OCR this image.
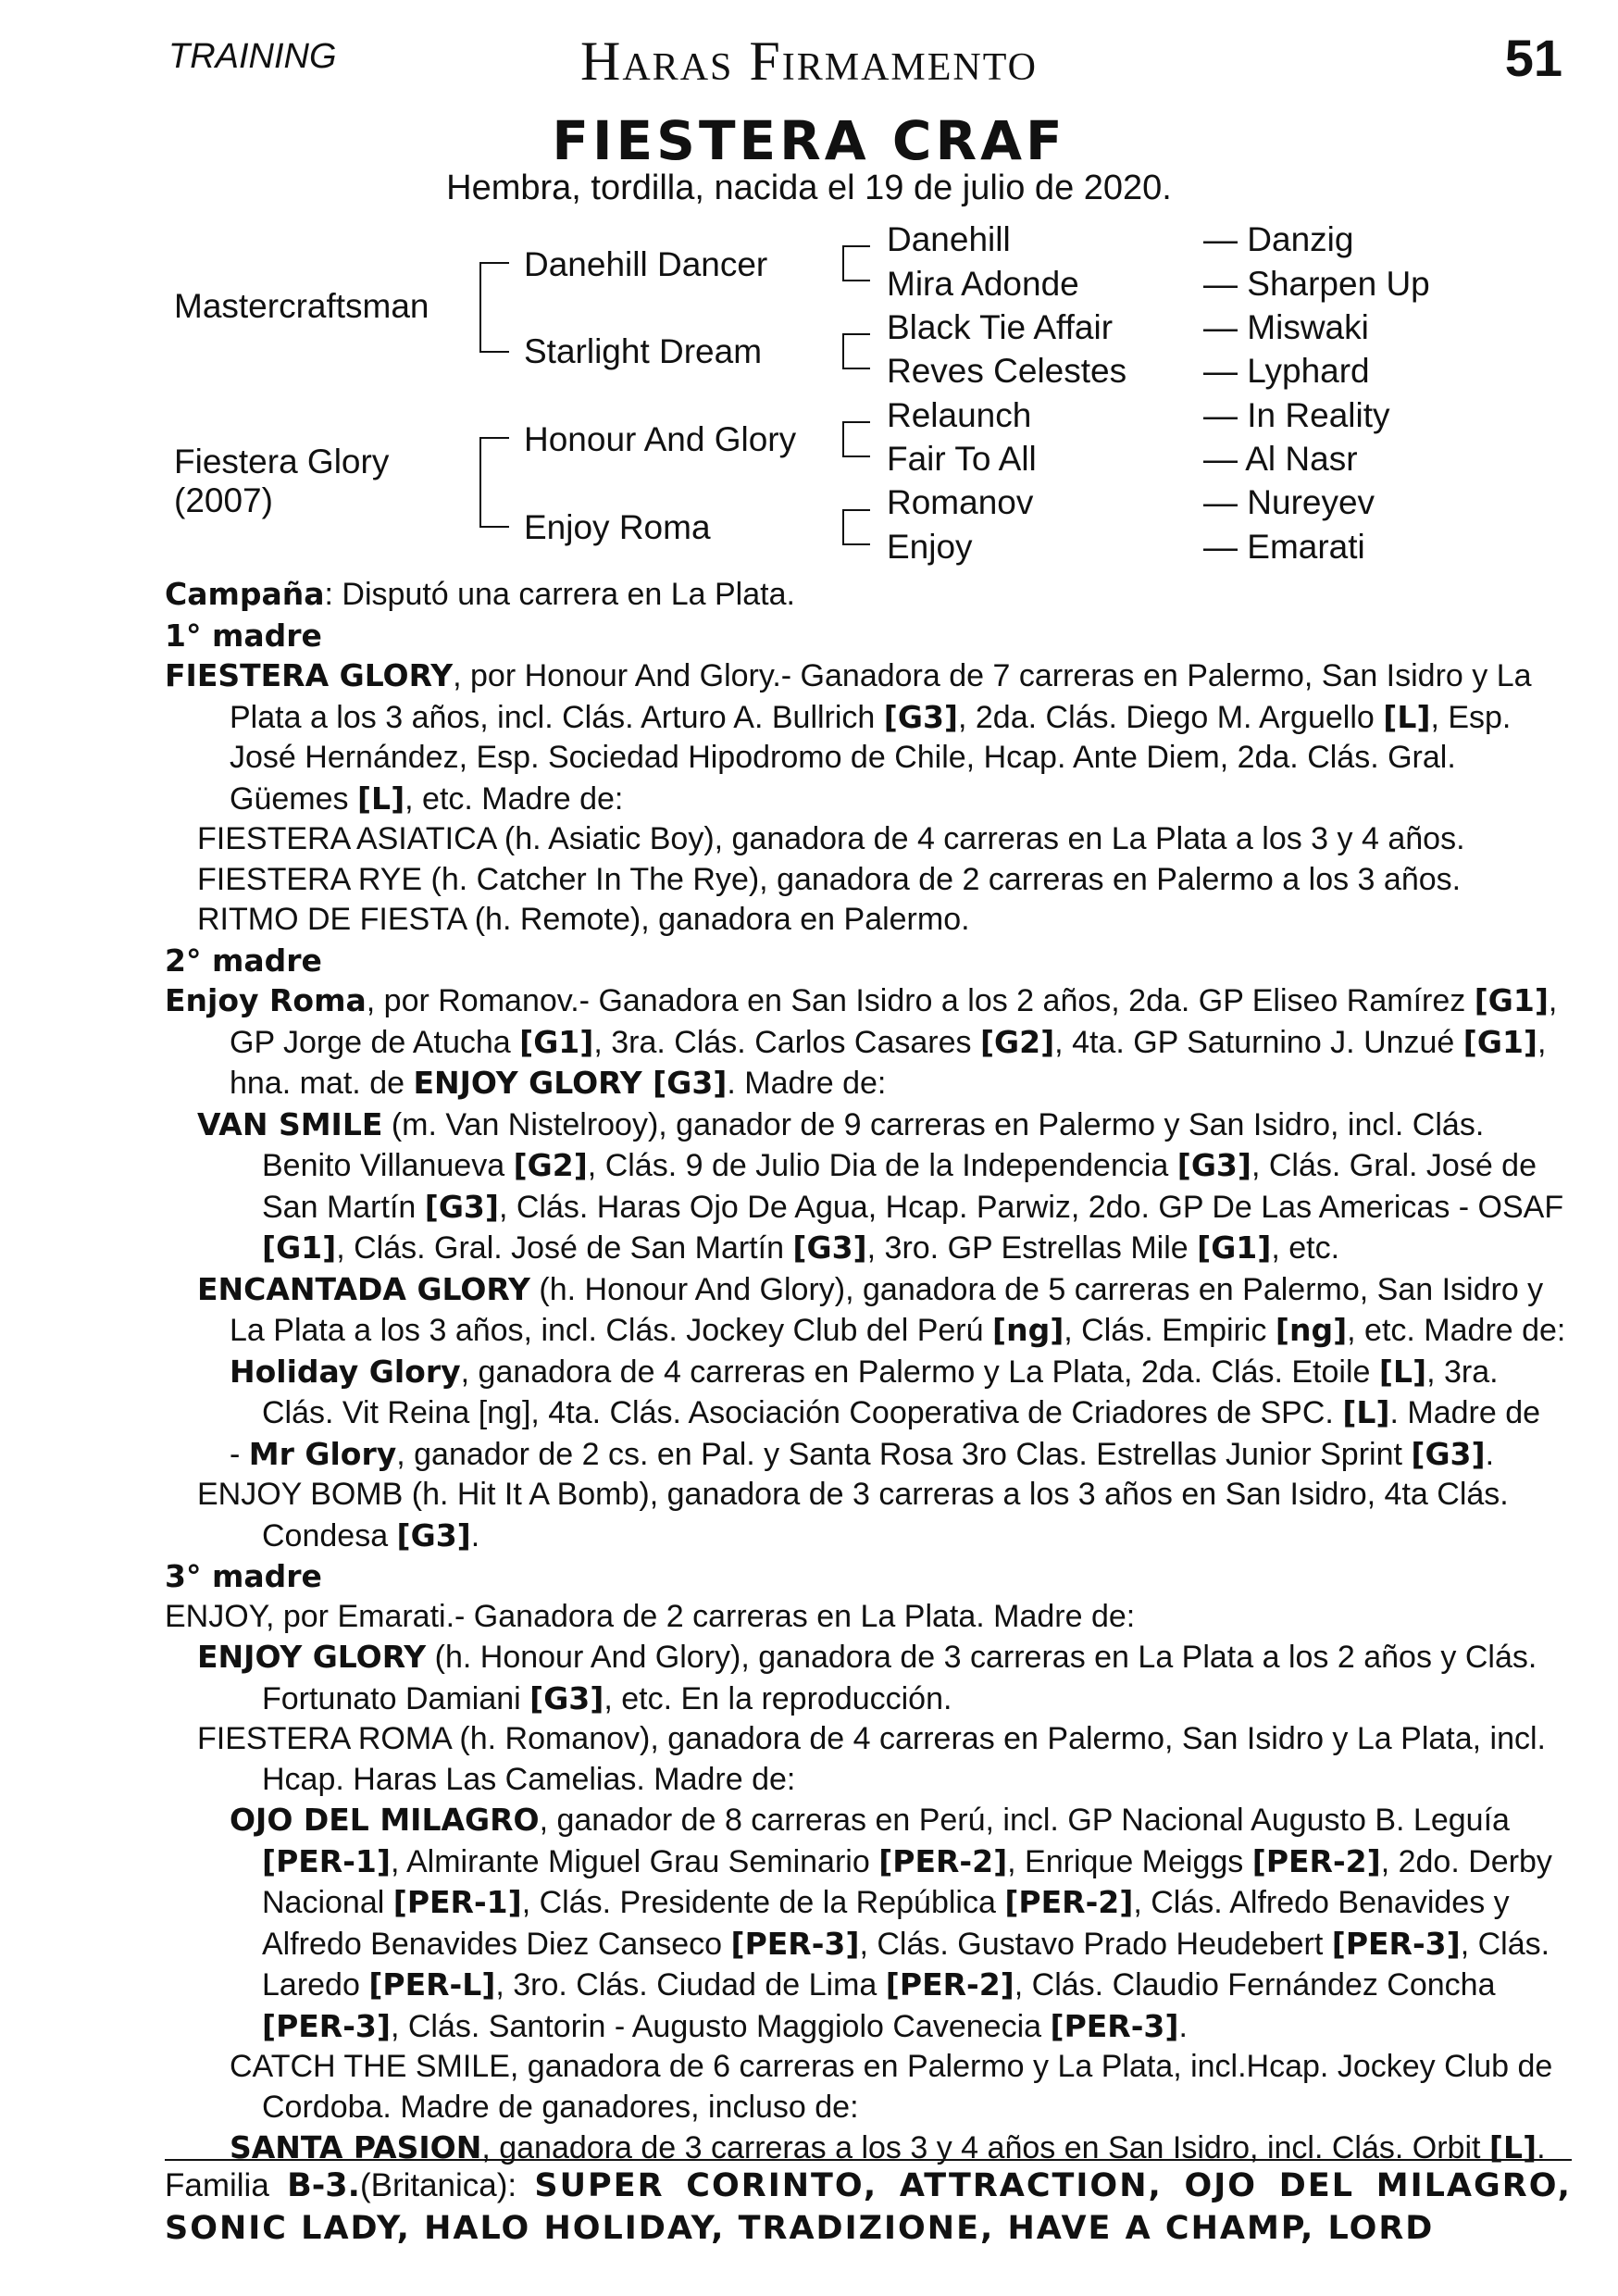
TRAINING	Haras Firmamento	51
FIESTERA CRAF
Hembra, tordilla, nacida el 19 de julio de 2020.
Mastercraftsman
Fiestera Glory
(2007)
Danehill Dancer
Starlight Dream
Honour And Glory
Enjoy Roma
Danehill
Mira Adonde
Black Tie Affair
Reves Celestes
Relaunch
Fair To All
Romanov
Enjoy
— Danzig
— Sharpen Up
— Miswaki
— Lyphard
— In Reality
— Al Nasr
— Nureyev
— Emarati

Campaña: Disputó una carrera en La Plata.

1° madre

FIESTERA GLORY, por Honour And Glory.- Ganadora de 7 carreras en Palermo, San Isidro y La Plata a los 3 años, incl. Clás. Arturo A. Bullrich [G3], 2da. Clás. Diego M. Arguello [L], Esp. José Hernández, Esp. Sociedad Hipodromo de Chile, Hcap. Ante Diem, 2da. Clás. Gral. Güemes [L], etc. Madre de:

FIESTERA ASIATICA (h. Asiatic Boy), ganadora de 4 carreras en La Plata a los 3 y 4 años.

FIESTERA RYE (h. Catcher In The Rye), ganadora de 2 carreras en Palermo a los 3 años.

RITMO DE FIESTA (h. Remote), ganadora en Palermo.

2° madre

Enjoy Roma, por Romanov.- Ganadora en San Isidro a los 2 años, 2da. GP Eliseo Ramírez [G1], GP Jorge de Atucha [G1], 3ra. Clás. Carlos Casares [G2], 4ta. GP Saturnino J. Unzué [G1], hna. mat. de ENJOY GLORY [G3]. Madre de:

VAN SMILE (m. Van Nistelrooy), ganador de 9 carreras en Palermo y San Isidro, incl. Clás. Benito Villanueva [G2], Clás. 9 de Julio Dia de la Independencia [G3], Clás. Gral. José de San Martín [G3], Clás. Haras Ojo De Agua, Hcap. Parwiz, 2do. GP De Las Americas - OSAF [G1], Clás. Gral. José de San Martín [G3], 3ro. GP Estrellas Mile [G1], etc.

ENCANTADA GLORY (h. Honour And Glory), ganadora de 5 carreras en Palermo, San Isidro y La Plata a los 3 años, incl. Clás. Jockey Club del Perú [ng], Clás. Empiric [ng], etc. Madre de:

Holiday Glory, ganadora de 4 carreras en Palermo y La Plata, 2da. Clás. Etoile [L], 3ra. Clás. Vit Reina [ng], 4ta. Clás. Asociación Cooperativa de Criadores de SPC. [L]. Madre de

- Mr Glory, ganador de 2 cs. en Pal. y Santa Rosa 3ro Clas. Estrellas Junior Sprint [G3].

ENJOY BOMB (h. Hit It A Bomb), ganadora de 3 carreras a los 3 años en San Isidro, 4ta Clás. Condesa [G3].

3° madre

ENJOY, por Emarati.- Ganadora de 2 carreras en La Plata. Madre de:

ENJOY GLORY (h. Honour And Glory), ganadora de 3 carreras en La Plata a los 2 años y Clás. Fortunato Damiani [G3], etc. En la reproducción.

FIESTERA ROMA (h. Romanov), ganadora de 4 carreras en Palermo, San Isidro y La Plata, incl. Hcap. Haras Las Camelias. Madre de:

OJO DEL MILAGRO, ganador de 8 carreras en Perú, incl. GP Nacional Augusto B. Leguía [PER-1], Almirante Miguel Grau Seminario [PER-2], Enrique Meiggs [PER-2], 2do. Derby Nacional [PER-1], Clás. Presidente de la República [PER-2], Clás. Alfredo Benavides y Alfredo Benavides Diez Canseco [PER-3], Clás. Gustavo Prado Heudebert [PER-3], Clás. Laredo [PER-L], 3ro. Clás. Ciudad de Lima [PER-2], Clás. Claudio Fernández Concha [PER-3], Clás. Santorin - Augusto Maggiolo Cavenecia [PER-3].

CATCH THE SMILE, ganadora de 6 carreras en Palermo y La Plata, incl.Hcap. Jockey Club de Cordoba. Madre de ganadores, incluso de:

SANTA PASION, ganadora de 3 carreras a los 3 y 4 años en San Isidro, incl. Clás. Orbit [L].

Familia B-3.(Britanica): SUPER CORINTO, ATTRACTION, OJO DEL MILAGRO, SONIC LADY, HALO HOLIDAY, TRADIZIONE, HAVE A CHAMP, LORD
